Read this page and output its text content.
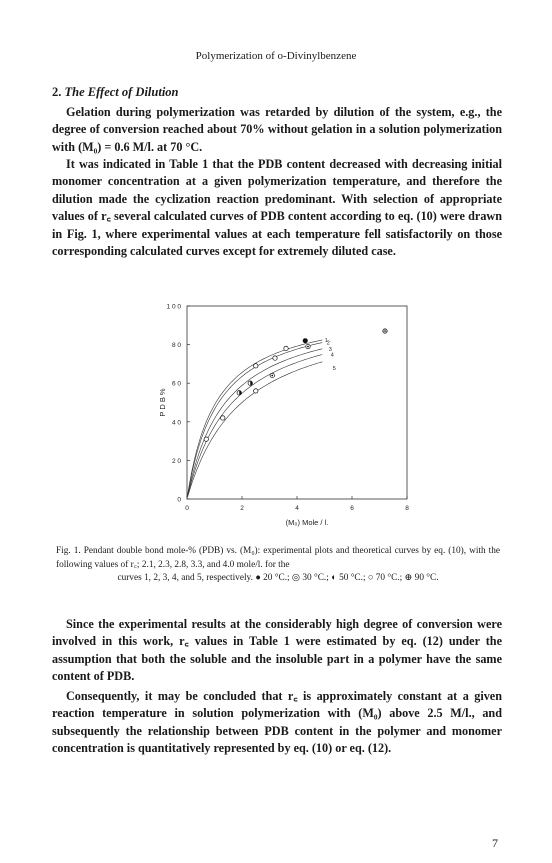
Polymerization of o-Divinylbenzene
2. The Effect of Dilution
Gelation during polymerization was retarded by dilution of the system, e.g., the degree of conversion reached about 70% without gelation in a solution polymerization with (M₀) = 0.6 M/l. at 70 °C.
It was indicated in Table 1 that the PDB content decreased with decreasing initial monomer concentration at a given polymerization temperature, and therefore the dilution made the cyclization reaction predominant. With selection of appropriate values of r꜀ several calculated curves of PDB content according to eq. (10) were drawn in Fig. 1, where experimental values at each temperature fell satisfactorily on those corresponding calculated curves except for extremely diluted case.
0	2	4	6	8
0
2 0
4 0
6 0
8 0
1 0 0
(M₀) Mole / l.
P D B %
1
2
3
4
5
Fig. 1. Pendant double bond mole-% (PDB) vs. (M₀): experimental plots and theoretical curves by eq. (10), with the following values of r꜀; 2.1, 2.3, 2.8, 3.3, and 4.0 mole/l. for the
curves 1, 2, 3, 4, and 5, respectively. ● 20 °C.; ◎ 30 °C.; ◐ 50 °C.; ○ 70 °C.; ⊕ 90 °C.
Since the experimental results at the considerably high degree of conversion were involved in this work, r꜀ values in Table 1 were estimated by eq. (12) under the assumption that both the soluble and the insoluble part in a polymer have the same content of PDB.
Consequently, it may be concluded that r꜀ is approximately constant at a given reaction temperature in solution polymerization with (M₀) above 2.5 M/l., and subsequently the relationship between PDB content in the polymer and monomer concentration is quantitatively represented by eq. (10) or eq. (12).
7
